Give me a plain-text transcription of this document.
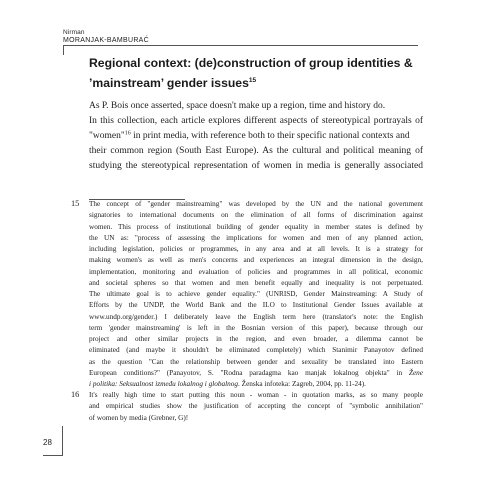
Nirman
MORANJAK-BAMBURAĆ
Regional context: (de)construction of group identities &
’mainstream’ gender issues$^{15}$
As P. Bois once asserted, space doesn't make up a region, time and history do.
In this collection, each article explores different aspects of stereotypical portrayals of
"women"$^{16}$ in print media, with reference both to their specific national contexts and
their common region (South East Europe). As the cultural and political meaning of
studying the stereotypical representation of women in media is generally associated
15 The concept of "gender mainstreaming" was developed by the UN and the national government
signatories to international documents on the elimination of all forms of discrimination against
women. This process of institutional building of gender equality in member states is defined by
the UN as: "process of assessing the implications for women and men of any planned action,
including legislation, policies or programmes, in any area and at all levels. It is a strategy for
making women's as well as men's concerns and experiences an integral dimension in the design,
implementation, monitoring and evaluation of policies and programmes in all political, economic
and societal spheres so that women and men benefit equally and inequality is not perpetuated.
The ultimate goal is to achieve gender equality." (UNRISD, Gender Mainstreaming: A Study of
Efforts by the UNDP, the World Bank and the ILO to Institutional Gender Issues available at
www.undp.org/gender.) I deliberately leave the English term here (translator's note: the English
term 'gender mainstreaming' is left in the Bosnian version of this paper), because through our
project and other similar projects in the region, and even broader, a dilemma cannot be
eliminated (and maybe it shouldn't be eliminated completely) which Stanimir Panayotov defined
as the question "Can the relationship between gender and sexuality be translated into Eastern
European conditions?" (Panayotov, S. "Rodna paradagma kao manjak lokalnog objekta" in Žene
i politika: Seksualnost između lokalnog i globalnog. Ženska infoteka: Zagreb, 2004, pp. 11-24).
16 It's really high time to start putting this noun - woman - in quotation marks, as so many people
and empirical studies show the justification of accepting the concept of "symbolic annihilation"
of women by media (Grebner, G)!
28
